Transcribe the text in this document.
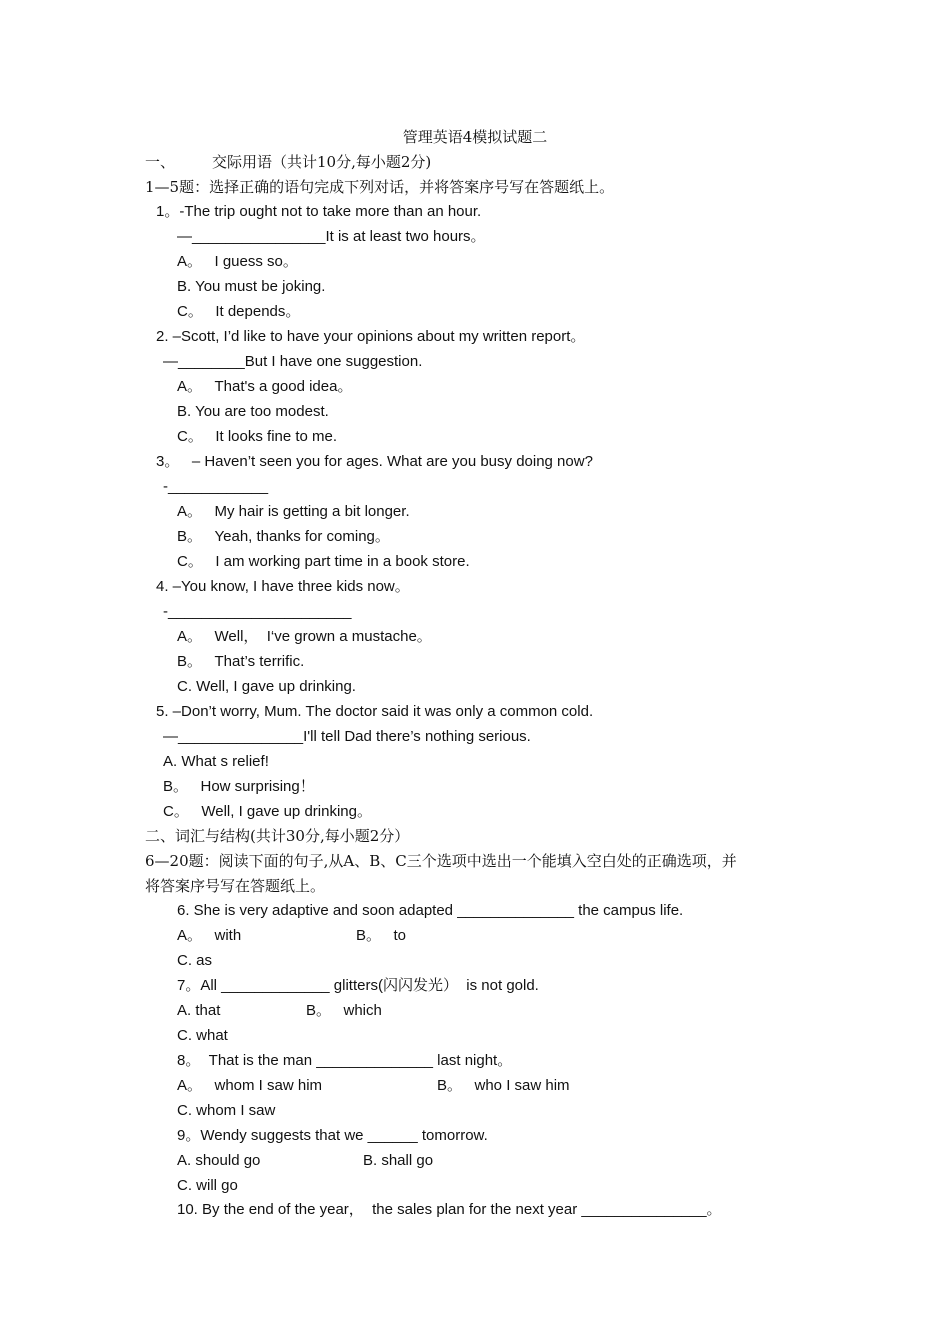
管理英语4模拟试题二
一、 交际用语（共计10分,每小题2分)
1—5题：选择正确的语句完成下列对话，并将答案序号写在答题纸上。
1。-The trip ought not to take more than an hour.
—________________It is at least two hours。
A。   I guess so。
B. You must be joking.
C。   It depends。
2. –Scott, I’d like to have your opinions about my written report。
—________But I have one suggestion.
A。   That's a good idea。
B. You are too modest.
C。   It looks fine to me.
3。   – Haven’t seen you for ages. What are you busy doing now?
-____________
A。   My hair is getting a bit longer.
B。   Yeah, thanks for coming。
C。   I am working part time in a book store.
4. –You know, I have three kids now。
-______________________
A。   Well，  I‘ve grown a mustache。
B。   That’s terrific.
C. Well, I gave up drinking.
5. –Don’t worry, Mum. The doctor said it was only a common cold.
—_______________I'll tell Dad there’s nothing serious.
A. What s relief!
B。   How surprising！
C。   Well, I gave up drinking。
二、词汇与结构(共计30分,每小题2分）
6—20题：阅读下面的句子,从A、B、C三个选项中选出一个能填入空白处的正确选项，并
将答案序号写在答题纸上。
6. She is very adaptive and soon adapted ______________ the campus life.
A。   with	B。   to
C. as
7。All _____________ glitters(闪闪发光）  is not gold.
A. that	B。   which
C. what
8。  That is the man ______________ last night。
A。   whom I saw him	B。   who I saw him
C. whom I saw
9。Wendy suggests that we ______ tomorrow.
A. should go	B. shall go
C. will go
10. By the end of the year，  the sales plan for the next year _______________。
